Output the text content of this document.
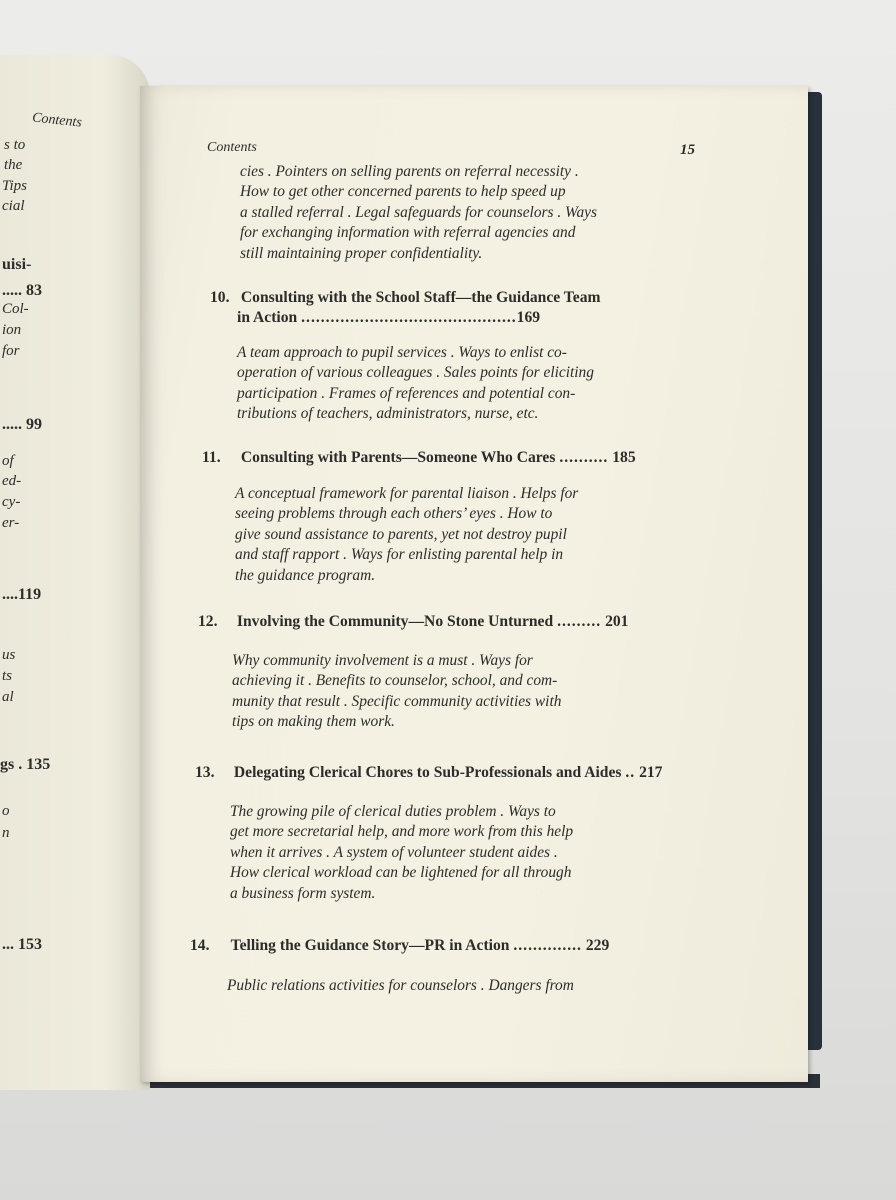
Contents
s to
the
Tips
cial
uisi-
..... 83
Col-
ion
for
..... 99
of
ed-
cy-
er-
....119
us
ts
al
gs . 135
o
n
... 153
Contents	15
cies . Pointers on selling parents on referral necessity .
How to get other concerned parents to help speed up
a stalled referral . Legal safeguards for counselors . Ways
for exchanging information with referral agencies and
still maintaining proper confidentiality.
10. Consulting with the School Staff—the Guidance Team
in Action ............................................169
A team approach to pupil services . Ways to enlist co-
operation of various colleagues . Sales points for eliciting
participation . Frames of references and potential con-
tributions of teachers, administrators, nurse, etc.
11. Consulting with Parents—Someone Who Cares .......... 185
A conceptual framework for parental liaison . Helps for
seeing problems through each others’ eyes . How to
give sound assistance to parents, yet not destroy pupil
and staff rapport . Ways for enlisting parental help in
the guidance program.
12. Involving the Community—No Stone Unturned ......... 201
Why community involvement is a must . Ways for
achieving it . Benefits to counselor, school, and com-
munity that result . Specific community activities with
tips on making them work.
13. Delegating Clerical Chores to Sub-Professionals and Aides .. 217
The growing pile of clerical duties problem . Ways to
get more secretarial help, and more work from this help
when it arrives . A system of volunteer student aides .
How clerical workload can be lightened for all through
a business form system.
14. Telling the Guidance Story—PR in Action .............. 229
Public relations activities for counselors . Dangers from
